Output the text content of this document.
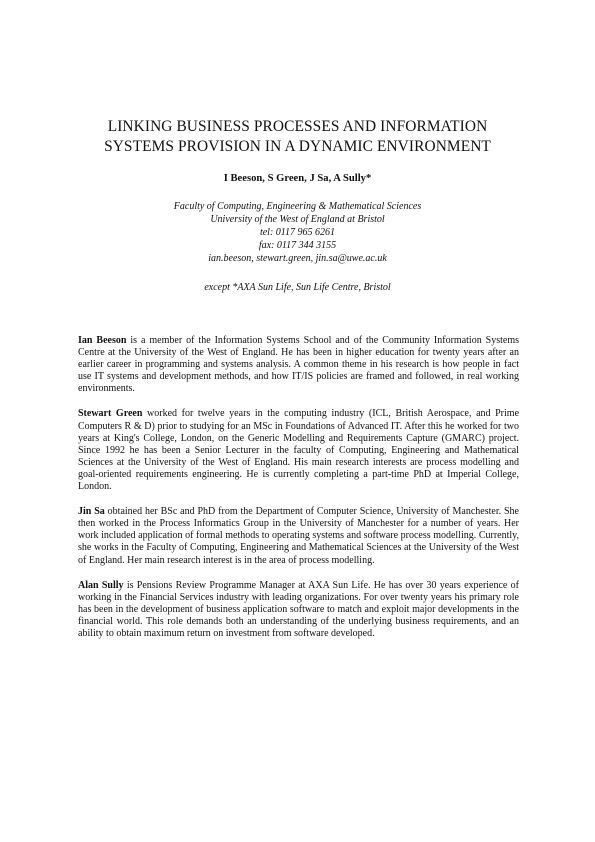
LINKING BUSINESS PROCESSES AND INFORMATION
SYSTEMS PROVISION IN A DYNAMIC ENVIRONMENT
I Beeson, S Green, J Sa, A Sully*
Faculty of Computing, Engineering & Mathematical Sciences
University of the West of England at Bristol
tel: 0117 965 6261
fax: 0117 344 3155
ian.beeson, stewart.green, jin.sa@uwe.ac.uk
except *AXA Sun Life, Sun Life Centre, Bristol

Ian Beeson is a member of the Information Systems School and of the Community Information Systems Centre at the University of the West of England. He has been in higher education for twenty years after an earlier career in programming and systems analysis. A common theme in his research is how people in fact use IT systems and development methods, and how IT/IS policies are framed and followed, in real working environments.

Stewart Green worked for twelve years in the computing industry (ICL, British Aerospace, and Prime Computers R & D) prior to studying for an MSc in Foundations of Advanced IT. After this he worked for two years at King's College, London, on the Generic Modelling and Requirements Capture (GMARC) project. Since 1992 he has been a Senior Lecturer in the faculty of Computing, Engineering and Mathematical Sciences at the University of the West of England. His main research interests are process modelling and goal-oriented requirements engineering. He is currently completing a part-time PhD at Imperial College, London.

Jin Sa obtained her BSc and PhD from the Department of Computer Science, University of Manchester. She then worked in the Process Informatics Group in the University of Manchester for a number of years. Her work included application of formal methods to operating systems and software process modelling. Currently, she works in the Faculty of Computing, Engineering and Mathematical Sciences at the University of the West of England. Her main research interest is in the area of process modelling.

Alan Sully is Pensions Review Programme Manager at AXA Sun Life. He has over 30 years experience of working in the Financial Services industry with leading organizations. For over twenty years his primary role has been in the development of business application software to match and exploit major developments in the financial world. This role demands both an understanding of the underlying business requirements, and an ability to obtain maximum return on investment from software developed.
